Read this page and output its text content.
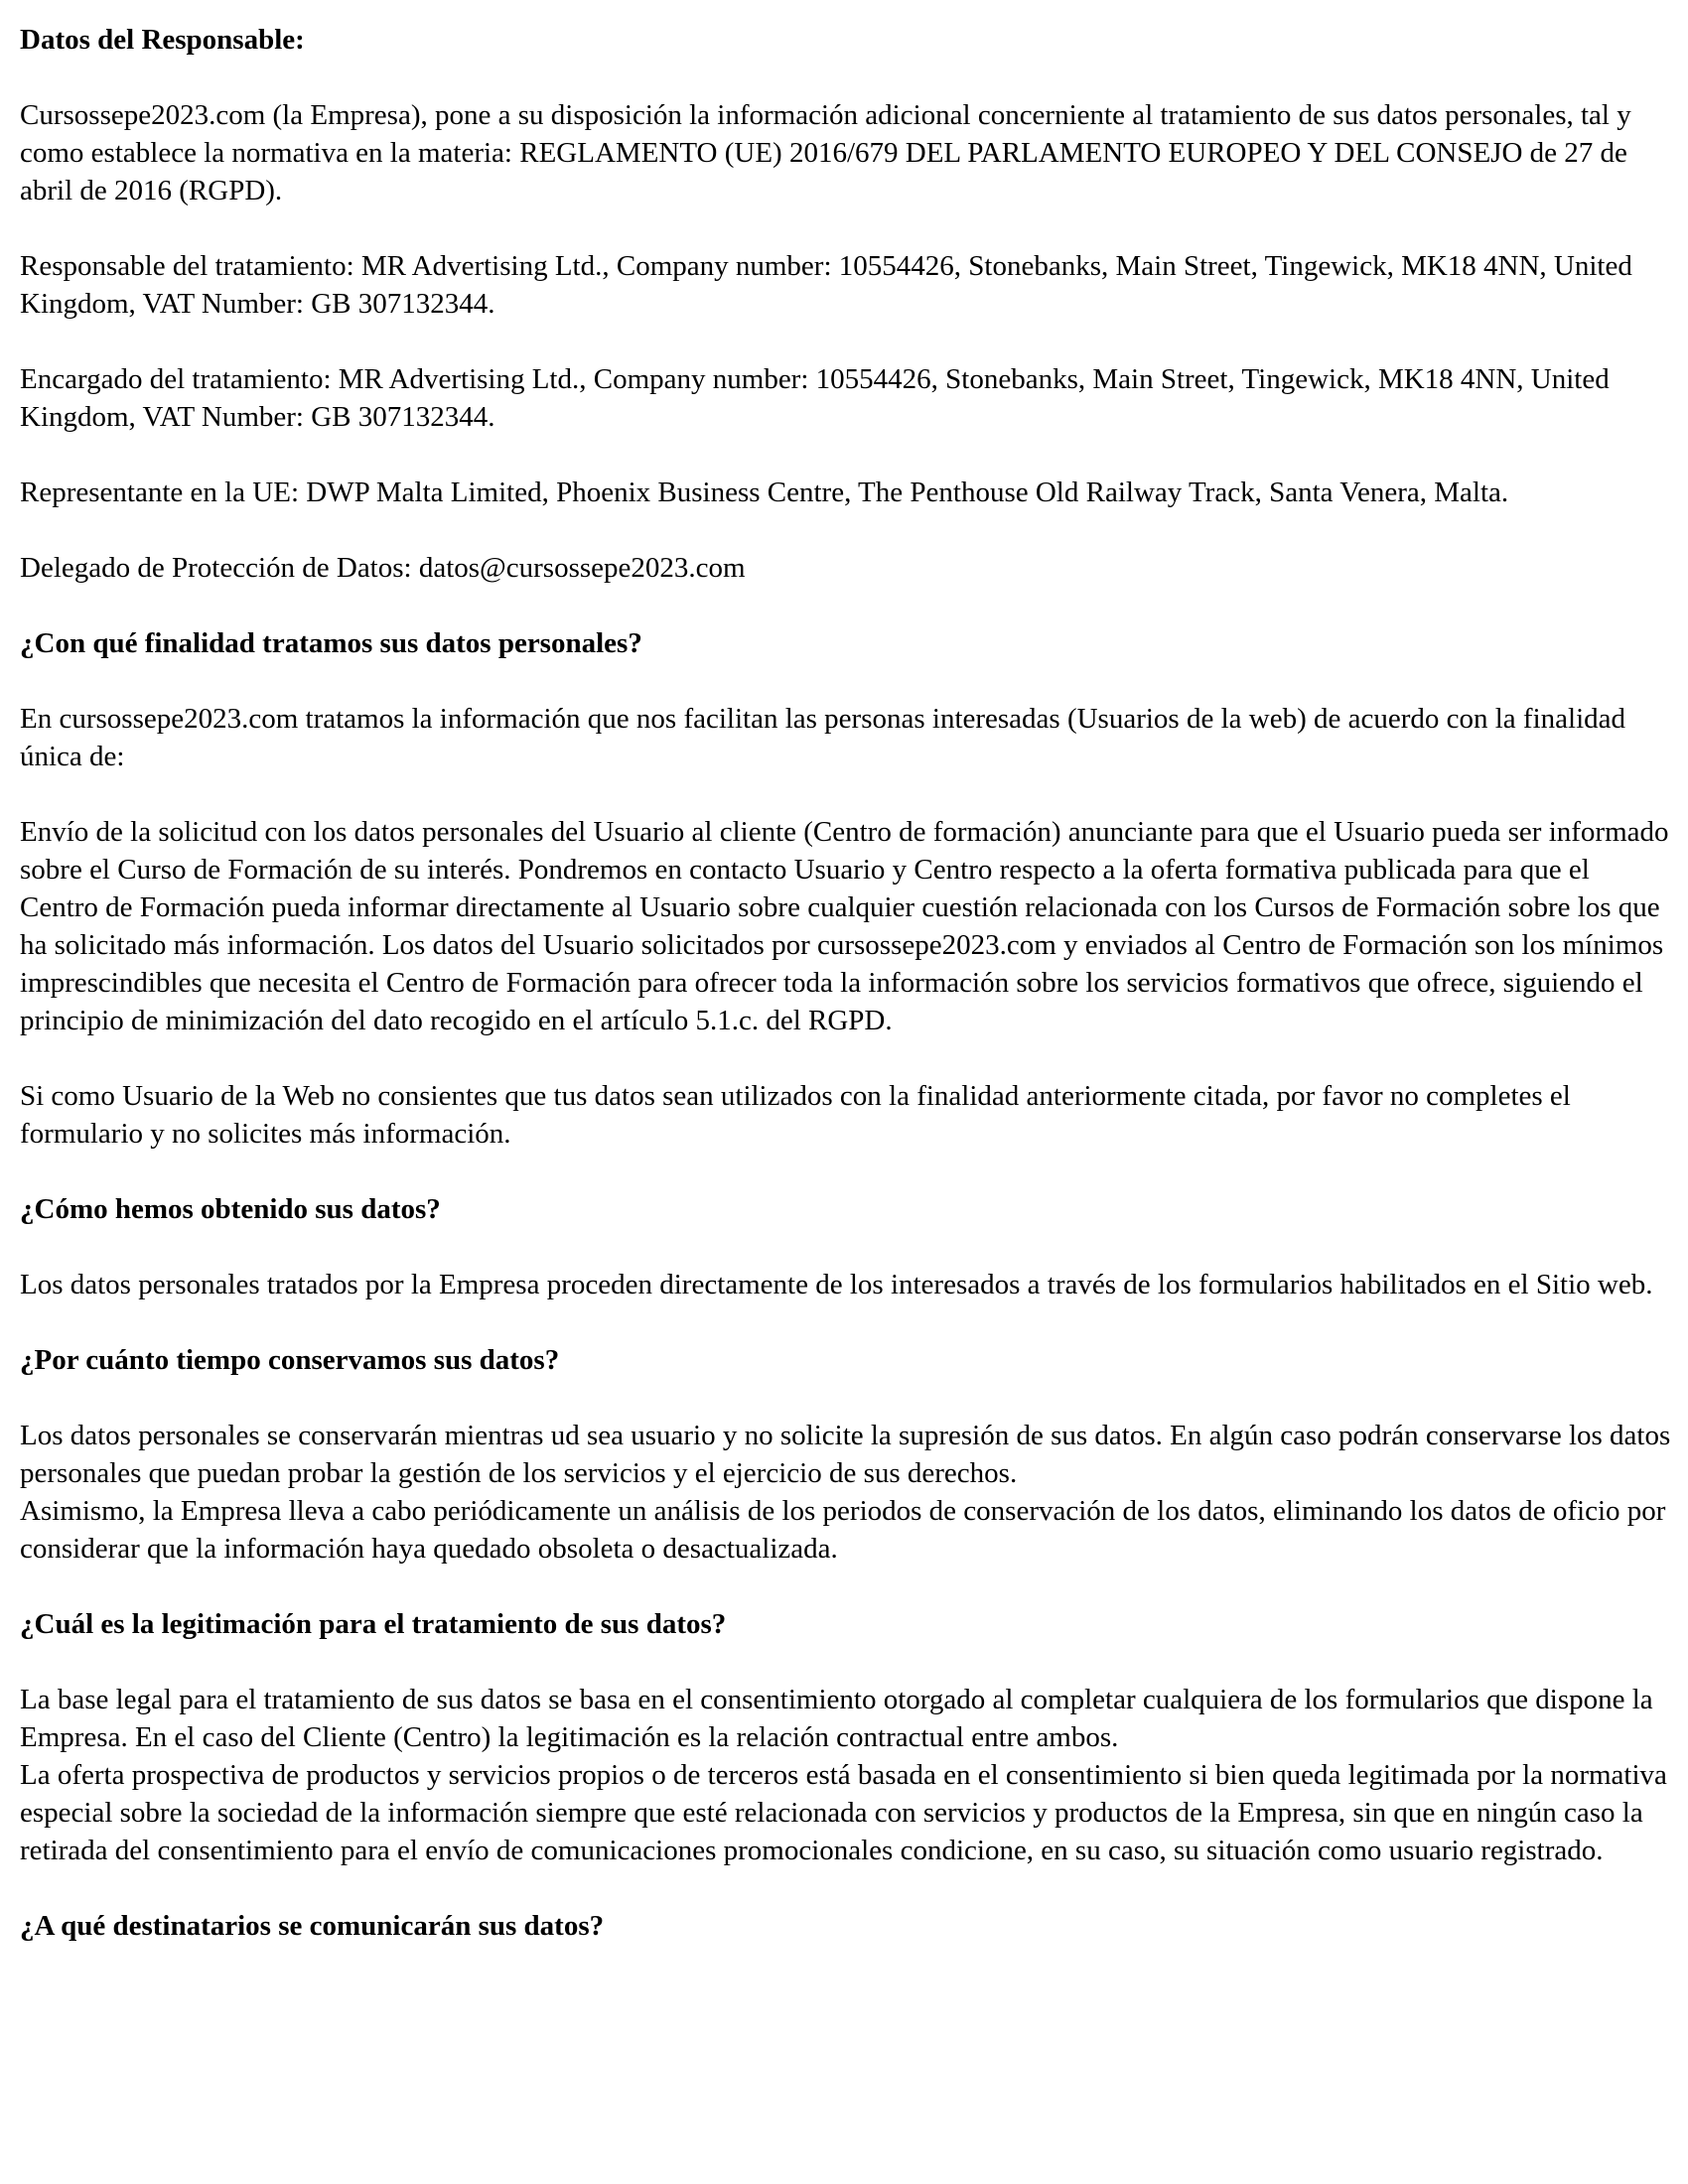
Datos del Responsable:
Cursossepe2023.com (la Empresa), pone a su disposición la información adicional concerniente al tratamiento de sus datos personales, tal y como establece la normativa en la materia: REGLAMENTO (UE) 2016/679 DEL PARLAMENTO EUROPEO Y DEL CONSEJO de 27 de abril de 2016 (RGPD).
Responsable del tratamiento: MR Advertising Ltd., Company number: 10554426, Stonebanks, Main Street, Tingewick, MK18 4NN, United Kingdom, VAT Number: GB 307132344.
Encargado del tratamiento: MR Advertising Ltd., Company number: 10554426, Stonebanks, Main Street, Tingewick, MK18 4NN, United Kingdom, VAT Number: GB 307132344.
Representante en la UE: DWP Malta Limited, Phoenix Business Centre, The Penthouse Old Railway Track, Santa Venera, Malta.
Delegado de Protección de Datos: datos@cursossepe2023.com
¿Con qué finalidad tratamos sus datos personales?
En cursossepe2023.com tratamos la información que nos facilitan las personas interesadas (Usuarios de la web) de acuerdo con la finalidad única de:
Envío de la solicitud con los datos personales del Usuario al cliente (Centro de formación) anunciante para que el Usuario pueda ser informado sobre el Curso de Formación de su interés. Pondremos en contacto Usuario y Centro respecto a la oferta formativa publicada para que el Centro de Formación pueda informar directamente al Usuario sobre cualquier cuestión relacionada con los Cursos de Formación sobre los que ha solicitado más información. Los datos del Usuario solicitados por cursossepe2023.com y enviados al Centro de Formación son los mínimos imprescindibles que necesita el Centro de Formación para ofrecer toda la información sobre los servicios formativos que ofrece, siguiendo el principio de minimización del dato recogido en el artículo 5.1.c. del RGPD.
Si como Usuario de la Web no consientes que tus datos sean utilizados con la finalidad anteriormente citada, por favor no completes el formulario y no solicites más información.
¿Cómo hemos obtenido sus datos?
Los datos personales tratados por la Empresa proceden directamente de los interesados a través de los formularios habilitados en el Sitio web.
¿Por cuánto tiempo conservamos sus datos?
Los datos personales se conservarán mientras ud sea usuario y no solicite la supresión de sus datos. En algún caso podrán conservarse los datos personales que puedan probar la gestión de los servicios y el ejercicio de sus derechos.
Asimismo, la Empresa lleva a cabo periódicamente un análisis de los periodos de conservación de los datos, eliminando los datos de oficio por considerar que la información haya quedado obsoleta o desactualizada.
¿Cuál es la legitimación para el tratamiento de sus datos?
La base legal para el tratamiento de sus datos se basa en el consentimiento otorgado al completar cualquiera de los formularios que dispone la Empresa. En el caso del Cliente (Centro) la legitimación es la relación contractual entre ambos.
La oferta prospectiva de productos y servicios propios o de terceros está basada en el consentimiento si bien queda legitimada por la normativa especial sobre la sociedad de la información siempre que esté relacionada con servicios y productos de la Empresa, sin que en ningún caso la retirada del consentimiento para el envío de comunicaciones promocionales condicione, en su caso, su situación como usuario registrado.
¿A qué destinatarios se comunicarán sus datos?
